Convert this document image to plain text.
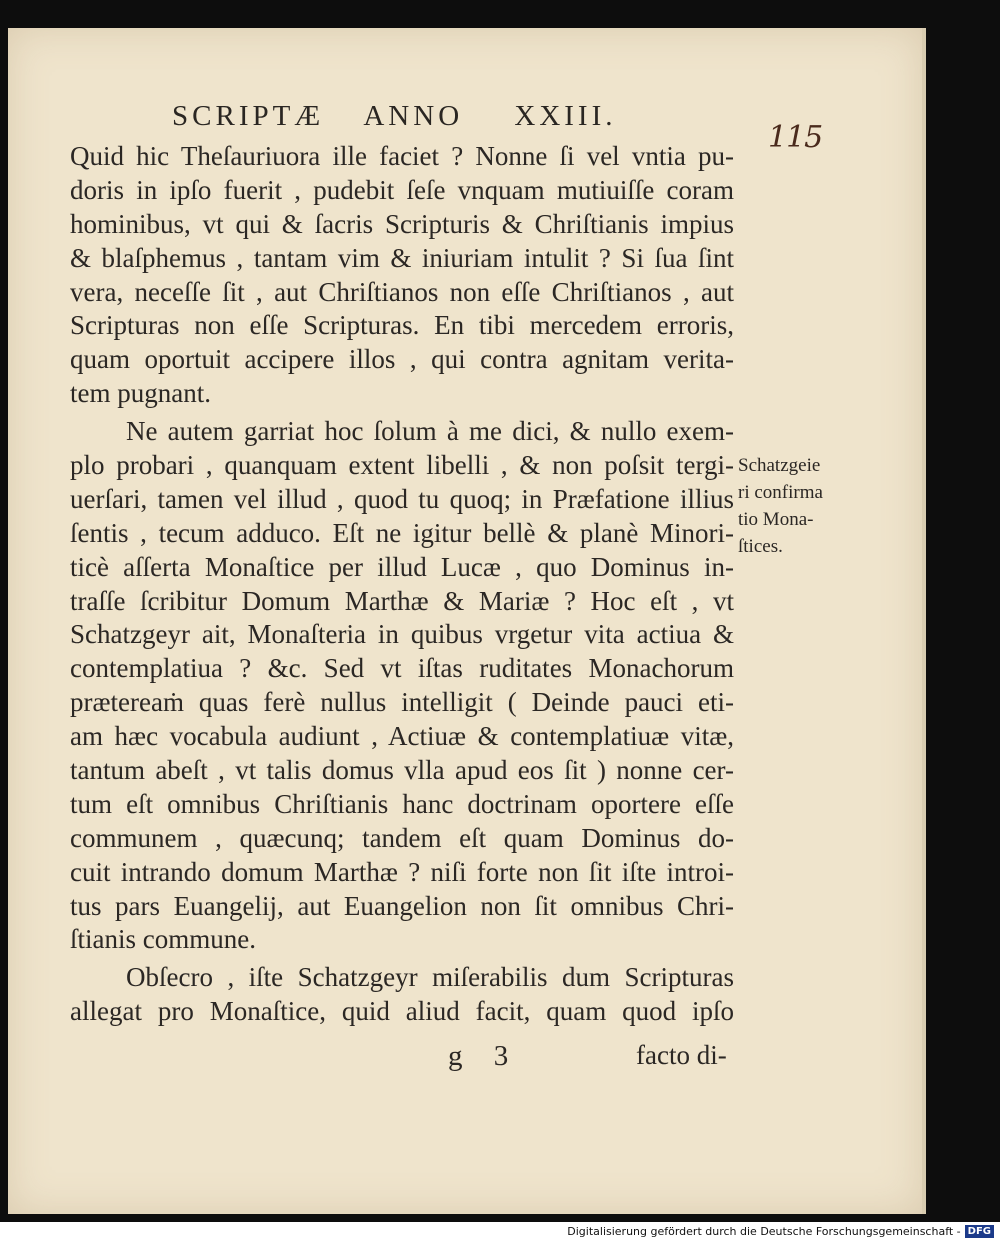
SCRIPTÆ ANNO XXIII.
115
Quid hic Theſauriuora ille faciet ? Nonne ſi vel vntia pu-
doris in ipſo fuerit , pudebit ſeſe vnquam mutiuiſſe coram
hominibus, vt qui & ſacris Scripturis & Chriſtianis impius
& blaſphemus , tantam vim & iniuriam intulit ? Si ſua ſint
vera, neceſſe ſit , aut Chriſtianos non eſſe Chriſtianos , aut
Scripturas non eſſe Scripturas. En tibi mercedem erroris,
quam oportuit accipere illos , qui contra agnitam verita-
tem pugnant.
Ne autem garriat hoc ſolum à me dici, & nullo exem-
plo probari , quanquam extent libelli , & non poſsit tergi-
uerſari, tamen vel illud , quod tu quoq; in Præfatione illius
ſentis , tecum adduco. Eſt ne igitur bellè & planè Minori-
ticè aſſerta Monaſtice per illud Lucæ , quo Dominus in-
traſſe ſcribitur Domum Marthæ & Mariæ ? Hoc eſt , vt
Schatzgeyr ait, Monaſteria in quibus vrgetur vita actiua &
contemplatiua ? &c. Sed vt iſtas ruditates Monachorum
prætereaṁ quas ferè nullus intelligit ( Deinde pauci eti-
am hæc vocabula audiunt , Actiuæ & contemplatiuæ vitæ,
tantum abeſt , vt talis domus vlla apud eos ſit ) nonne cer-
tum eſt omnibus Chriſtianis hanc doctrinam oportere eſſe
communem , quæcunq; tandem eſt quam Dominus do-
cuit intrando domum Marthæ ? niſi forte non ſit iſte introi-
tus pars Euangelij, aut Euangelion non ſit omnibus Chri-
ſtianis commune.
Obſecro , iſte Schatzgeyr miſerabilis dum Scripturas
allegat pro Monaſtice, quid aliud facit, quam quod ipſo
Schatzgeie
ri confirma
tio Mona-
ſtices.
g 3	facto di-
Digitalisierung gefördert durch die Deutsche Forschungsgemeinschaft - DFG
